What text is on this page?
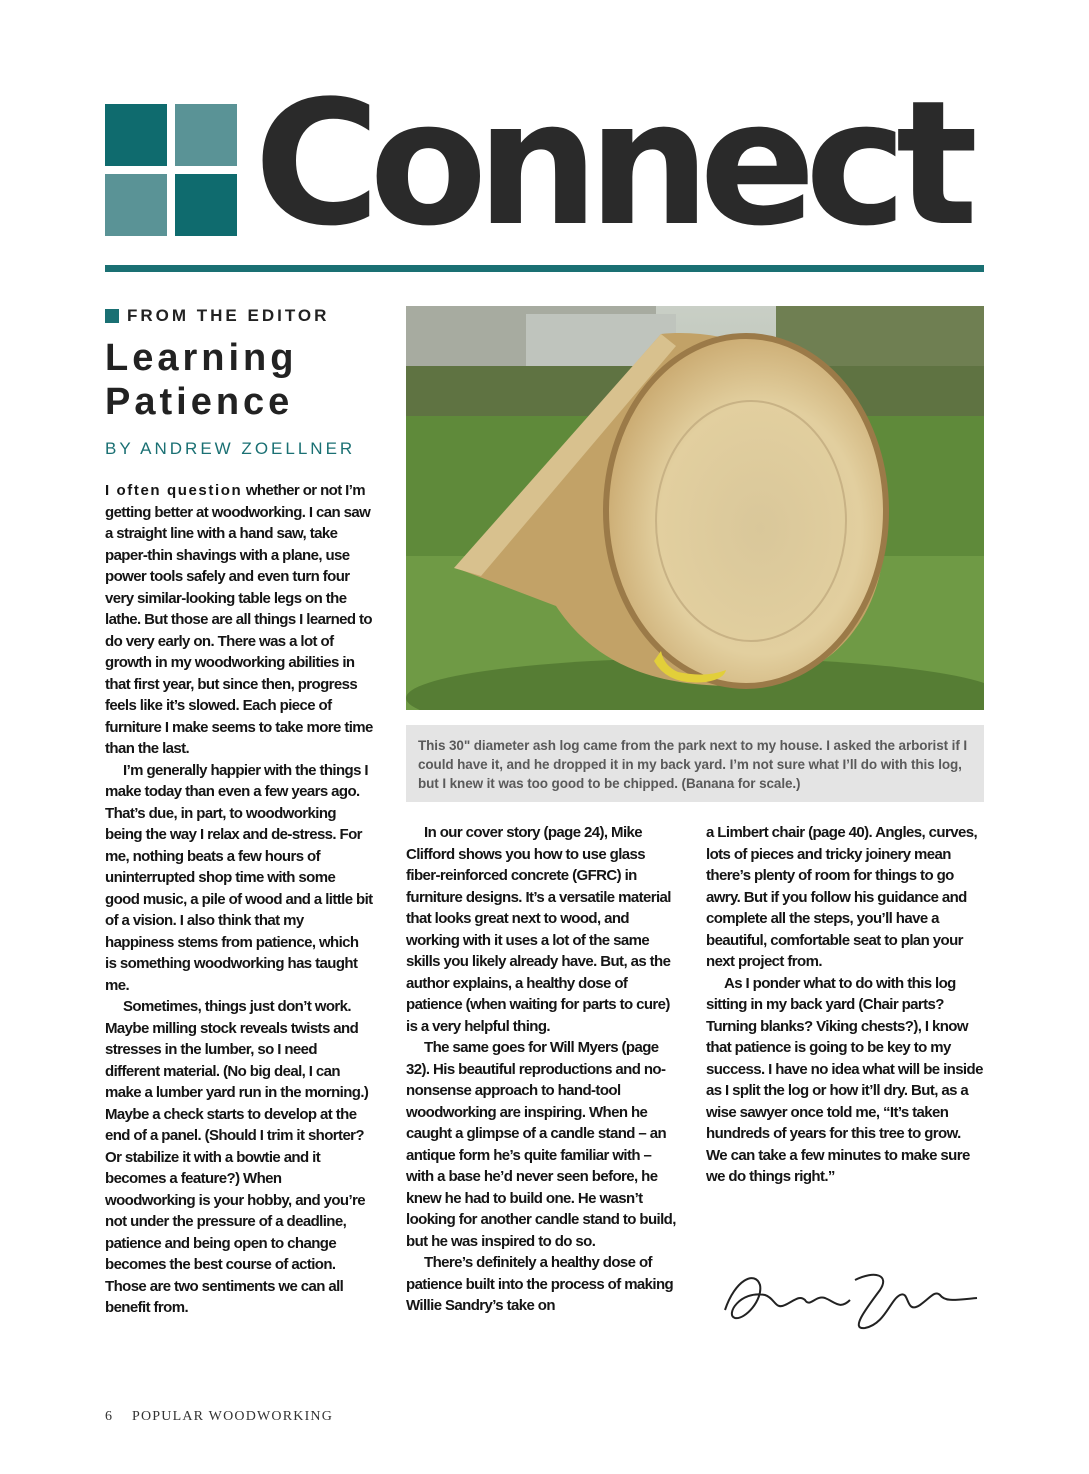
Connect
FROM THE EDITOR
Learning
Patience
BY ANDREW ZOELLNER

I often question whether or not I’m getting better at woodworking. I can saw a straight line with a hand saw, take paper-thin shavings with a plane, use power tools safely and even turn four very similar-looking table legs on the lathe. But those are all things I learned to do very early on. There was a lot of growth in my woodworking abilities in that first year, but since then, progress feels like it’s slowed. Each piece of furniture I make seems to take more time than the last.

I’m generally happier with the things I make today than even a few years ago. That’s due, in part, to woodworking being the way I relax and de-stress. For me, nothing beats a few hours of uninterrupted shop time with some good music, a pile of wood and a little bit of a vision. I also think that my happiness stems from patience, which is something woodworking has taught me.

Sometimes, things just don’t work. Maybe milling stock reveals twists and stresses in the lumber, so I need different material. (No big deal, I can make a lumber yard run in the morning.) Maybe a check starts to develop at the end of a panel. (Should I trim it shorter? Or stabilize it with a bowtie and it becomes a feature?) When woodworking is your hobby, and you’re not under the pressure of a deadline, patience and being open to change becomes the best course of action. Those are two sentiments we can all benefit from.

This 30" diameter ash log came from the park next to my house. I asked the arborist if I could have it, and he dropped it in my back yard. I’m not sure what I’ll do with this log, but I knew it was too good to be chipped. (Banana for scale.)

In our cover story (page 24), Mike Clifford shows you how to use glass fiber-reinforced concrete (GFRC) in furniture designs. It’s a versatile material that looks great next to wood, and working with it uses a lot of the same skills you likely already have. But, as the author explains, a healthy dose of patience (when waiting for parts to cure) is a very helpful thing.

The same goes for Will Myers (page 32). His beautiful reproductions and no-nonsense approach to hand-tool woodworking are inspiring. When he caught a glimpse of a candle stand – an antique form he’s quite familiar with – with a base he’d never seen before, he knew he had to build one. He wasn’t looking for another candle stand to build, but he was inspired to do so.

There’s definitely a healthy dose of patience built into the process of making Willie Sandry’s take on

a Limbert chair (page 40). Angles, curves, lots of pieces and tricky joinery mean there’s plenty of room for things to go awry. But if you follow his guidance and complete all the steps, you’ll have a beautiful, comfortable seat to plan your next project from.

As I ponder what to do with this log sitting in my back yard (Chair parts? Turning blanks? Viking chests?), I know that patience is going to be key to my success. I have no idea what will be inside as I split the log or how it’ll dry. But, as a wise sawyer once told me, “It’s taken hundreds of years for this tree to grow. We can take a few minutes to make sure we do things right.”

6 POPULAR WOODWORKING
